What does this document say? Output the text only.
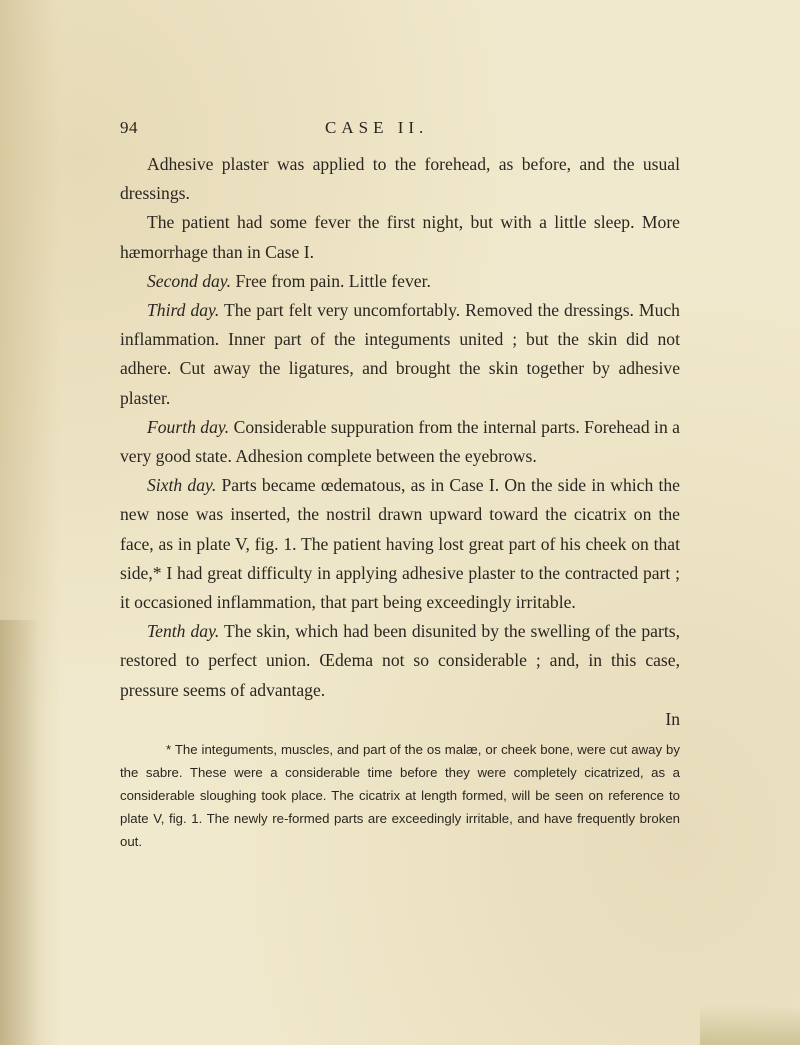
94	CASE II.

Adhesive plaster was applied to the forehead, as before, and the usual dressings.

The patient had some fever the first night, but with a little sleep. More hæmorrhage than in Case I.

Second day. Free from pain. Little fever.

Third day. The part felt very uncomfortably. Removed the dressings. Much inflammation. Inner part of the integuments united ; but the skin did not adhere. Cut away the ligatures, and brought the skin together by adhesive plaster.

Fourth day. Considerable suppuration from the internal parts. Forehead in a very good state. Adhesion complete between the eyebrows.

Sixth day. Parts became œdematous, as in Case I. On the side in which the new nose was inserted, the nostril drawn upward toward the cicatrix on the face, as in plate V, fig. 1. The patient having lost great part of his cheek on that side,* I had great difficulty in applying adhesive plaster to the contracted part ; it occasioned inflammation, that part being exceedingly irritable.

Tenth day. The skin, which had been disunited by the swelling of the parts, restored to perfect union. Œdema not so considerable ; and, in this case, pressure seems of advantage.

In

* The integuments, muscles, and part of the os malæ, or cheek bone, were cut away by the sabre. These were a considerable time before they were completely cicatrized, as a considerable sloughing took place. The cicatrix at length formed, will be seen on reference to plate V, fig. 1. The newly re-formed parts are exceedingly irritable, and have frequently broken out.
